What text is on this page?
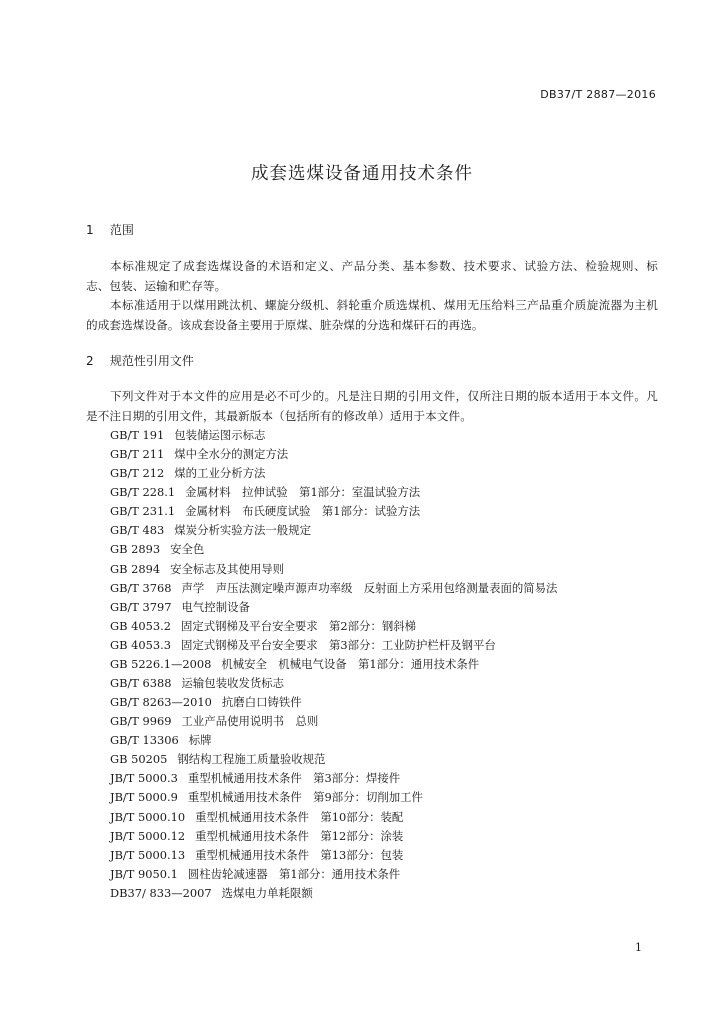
DB37/T 2887—2016
成套选煤设备通用技术条件
1 范围
本标准规定了成套选煤设备的术语和定义、产品分类、基本参数、技术要求、试验方法、检验规则、标志、包装、运输和贮存等。
本标准适用于以煤用跳汰机、螺旋分级机、斜轮重介质选煤机、煤用无压给料三产品重介质旋流器为主机的成套选煤设备。该成套设备主要用于原煤、脏杂煤的分选和煤矸石的再选。
2 规范性引用文件
下列文件对于本文件的应用是必不可少的。凡是注日期的引用文件，仅所注日期的版本适用于本文件。凡是不注日期的引用文件，其最新版本（包括所有的修改单）适用于本文件。
GB/T 191 包装储运图示标志
GB/T 211 煤中全水分的测定方法
GB/T 212 煤的工业分析方法
GB/T 228.1 金属材料　拉伸试验　第1部分：室温试验方法
GB/T 231.1 金属材料　布氏硬度试验　第1部分：试验方法
GB/T 483 煤炭分析实验方法一般规定
GB 2893 安全色
GB 2894 安全标志及其使用导则
GB/T 3768 声学　声压法测定噪声源声功率级　反射面上方采用包络测量表面的简易法
GB/T 3797 电气控制设备
GB 4053.2 固定式钢梯及平台安全要求　第2部分：钢斜梯
GB 4053.3 固定式钢梯及平台安全要求　第3部分：工业防护栏杆及钢平台
GB 5226.1—2008 机械安全　机械电气设备　第1部分：通用技术条件
GB/T 6388 运输包装收发货标志
GB/T 8263—2010 抗磨白口铸铁件
GB/T 9969 工业产品使用说明书　总则
GB/T 13306 标牌
GB 50205 钢结构工程施工质量验收规范
JB/T 5000.3 重型机械通用技术条件　第3部分：焊接件
JB/T 5000.9 重型机械通用技术条件　第9部分：切削加工件
JB/T 5000.10 重型机械通用技术条件　第10部分：装配
JB/T 5000.12 重型机械通用技术条件　第12部分：涂装
JB/T 5000.13 重型机械通用技术条件　第13部分：包装
JB/T 9050.1 圆柱齿轮减速器　第1部分：通用技术条件
DB37/ 833—2007 选煤电力单耗限额
1
